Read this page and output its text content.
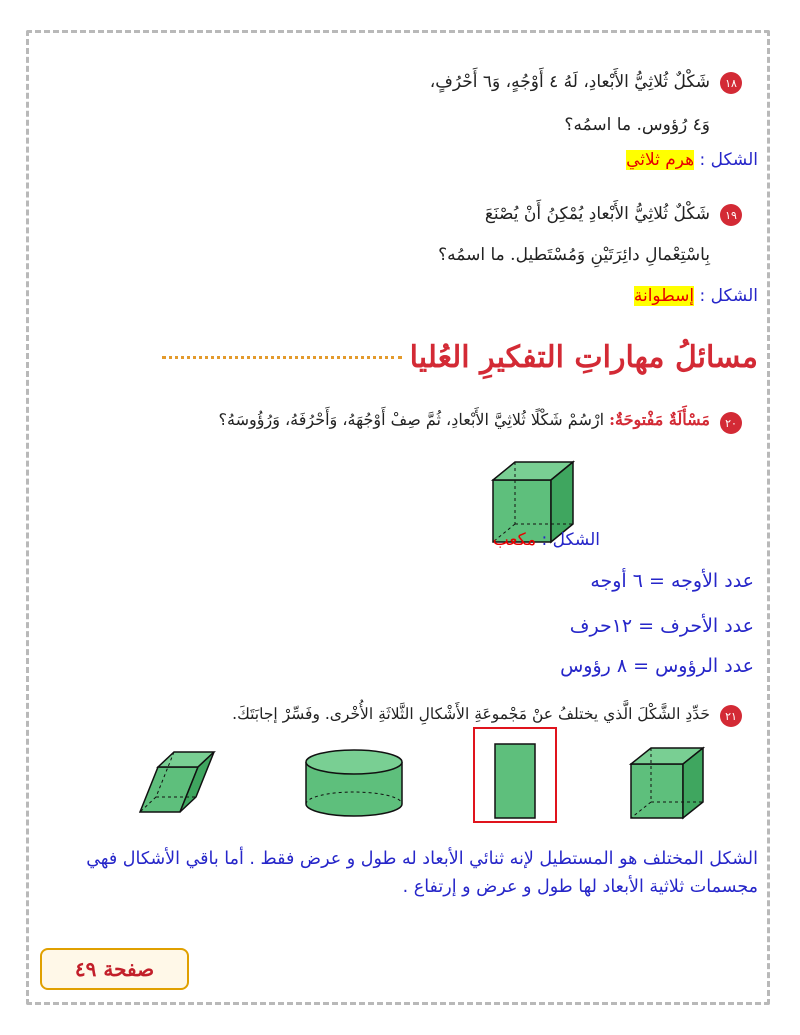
١٨
شَكْلٌ ثُلاثِيُّ الأَبْعادِ، لَهُ ٤ أَوْجُهٍ، وَ٦ أَحْرُفٍ،
وَ٤ رُؤوس. ما اسمُه؟
الشكل : هرم ثلاثي
١٩
شَكْلٌ ثُلاثِيُّ الأَبْعادِ يُمْكِنُ أَنْ يُصْنَعَ
بِاسْتِعْمالِ دائِرَتَيْنِ وَمُسْتَطيل. ما اسمُه؟
الشكل : إسطوانة
مسائلُ مهاراتِ التفكيرِ العُليا
٢٠
مَسْأَلَةٌ مَفْتوحَةٌ: ارْسُمْ شَكْلًا ثُلاثِيَّ الأَبْعادِ، ثُمَّ صِفْ أَوْجُهَهُ، وَأَحْرُفَهُ، وَرُؤُوسَهُ؟
الشكل : مكعب
عدد الأوجه = ٦ أوجه
عدد الأحرف = ١٢حرف
عدد الرؤوس = ٨ رؤوس
٢١
حَدِّدِ الشَّكْلَ الَّذي يختلفُ عنْ مَجْموعَةِ الأَشْكالِ الثَّلاثَةِ الأُخْرى. وفَسِّرْ إجابَتَكَ.
الشكل المختلف هو المستطيل لإنه ثنائي الأبعاد له طول و عرض فقط . أما باقي الأشكال فهي مجسمات ثلاثية الأبعاد لها طول و عرض و إرتفاع .
صفحة ٤٩
